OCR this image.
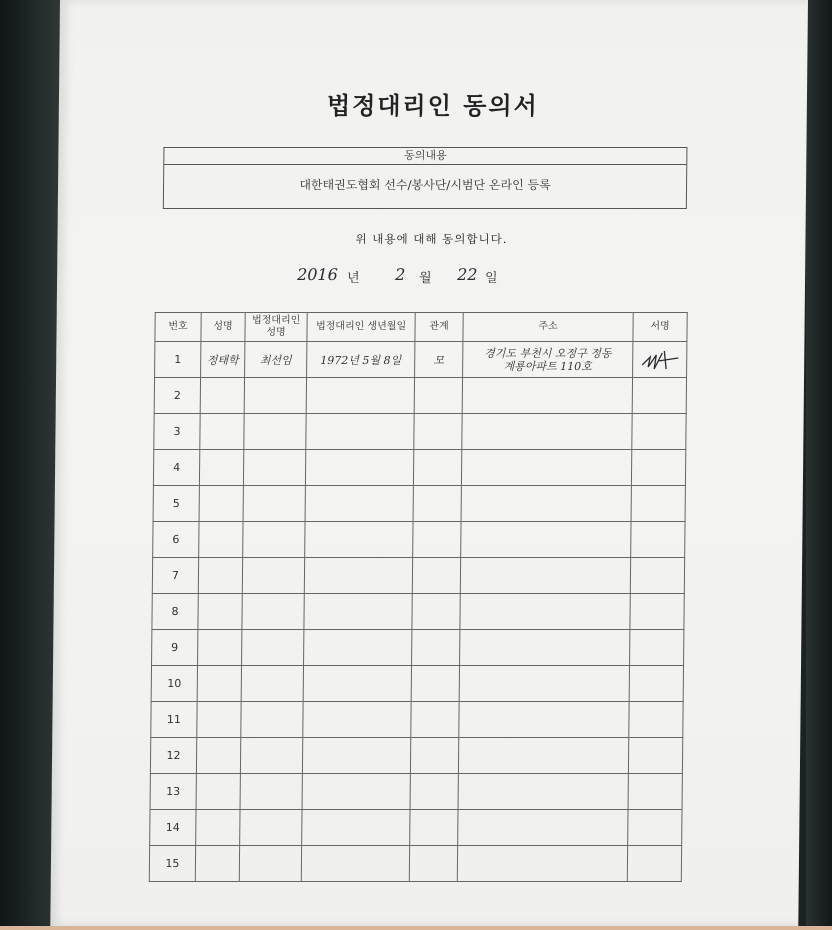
법정대리인 동의서
동의내용
대한태권도협회 선수/봉사단/시범단 온라인 등록
위 내용에 대해 동의합니다.
2016 년 2 월 22 일
번호	성명	법정대리인 성명	법정대리인 생년월일	관계	주소	서명
1	정태학	최선임	1972년 5월 8일	모	경기도 부천시 오정구 정동
계룡아파트 110호

2						
3						
4						
5						
6						
7						
8						
9						
10						
11						
12						
13						
14						
15						
